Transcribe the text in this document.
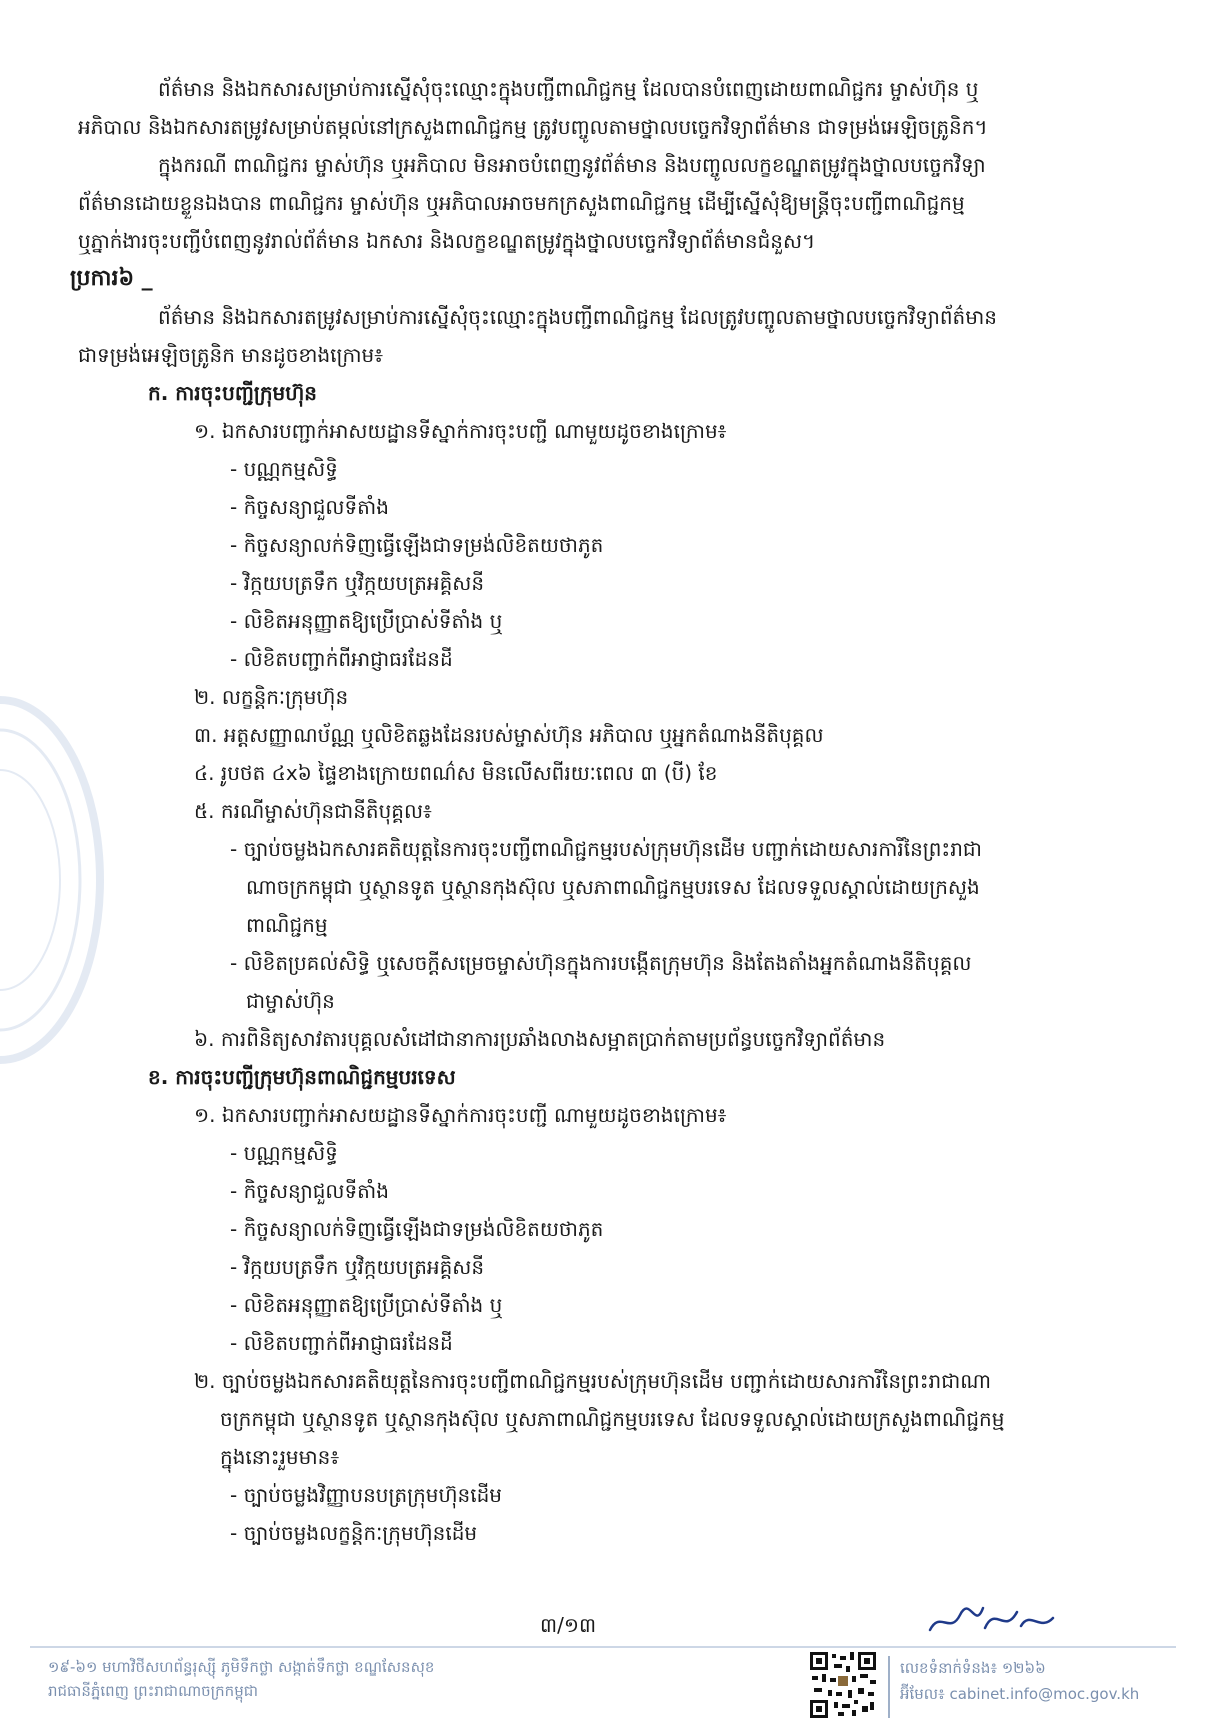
ព័ត៌មាន និងឯកសារសម្រាប់ការស្នើសុំចុះឈ្មោះក្នុងបញ្ជីពាណិជ្ជកម្ម ដែលបានបំពេញដោយពាណិជ្ជករ ម្ចាស់ហ៊ុន ឬ
អភិបាល និងឯកសារតម្រូវសម្រាប់តម្កល់នៅក្រសួងពាណិជ្ជកម្ម ត្រូវបញ្ចូលតាមថ្នាលបច្ចេកវិទ្យាព័ត៌មាន ជាទម្រង់អេឡិចត្រូនិក។
ក្នុងករណី ពាណិជ្ជករ ម្ចាស់ហ៊ុន ឬអភិបាល មិនអាចបំពេញនូវព័ត៌មាន និងបញ្ចូលលក្ខខណ្ឌតម្រូវក្នុងថ្នាលបច្ចេកវិទ្យា
ព័ត៌មានដោយខ្លួនឯងបាន ពាណិជ្ជករ ម្ចាស់ហ៊ុន ឬអភិបាលអាចមកក្រសួងពាណិជ្ជកម្ម ដើម្បីស្នើសុំឱ្យមន្ត្រីចុះបញ្ជីពាណិជ្ជកម្ម
ឬភ្នាក់ងារចុះបញ្ជីបំពេញនូវរាល់ព័ត៌មាន ឯកសារ និងលក្ខខណ្ឌតម្រូវក្នុងថ្នាលបច្ចេកវិទ្យាព័ត៌មានជំនួស។
ប្រការ៦ _
ព័ត៌មាន និងឯកសារតម្រូវសម្រាប់ការស្នើសុំចុះឈ្មោះក្នុងបញ្ជីពាណិជ្ជកម្ម ដែលត្រូវបញ្ចូលតាមថ្នាលបច្ចេកវិទ្យាព័ត៌មាន
ជាទម្រង់អេឡិចត្រូនិក មានដូចខាងក្រោម៖
ក. ការចុះបញ្ជីក្រុមហ៊ុន
១. ឯកសារបញ្ជាក់អាសយដ្ឋានទីស្នាក់ការចុះបញ្ជី ណាមួយដូចខាងក្រោម៖
- បណ្ណកម្មសិទ្ធិ
- កិច្ចសន្យាជួលទីតាំង
- កិច្ចសន្យាលក់ទិញធ្វើឡើងជាទម្រង់លិខិតយថាភូត
- វិក្កយបត្រទឹក ឬវិក្កយបត្រអគ្គិសនី
- លិខិតអនុញ្ញាតឱ្យប្រើប្រាស់ទីតាំង ឬ
- លិខិតបញ្ជាក់ពីអាជ្ញាធរដែនដី
២. លក្ខន្តិកៈក្រុមហ៊ុន
៣. អត្តសញ្ញាណប័ណ្ណ ឬលិខិតឆ្លងដែនរបស់ម្ចាស់ហ៊ុន អភិបាល ឬអ្នកតំណាងនីតិបុគ្គល
៤. រូបថត ៤x៦ ផ្ទៃខាងក្រោយពណ៌ស មិនលើសពីរយៈពេល ៣ (បី) ខែ
៥. ករណីម្ចាស់ហ៊ុនជានីតិបុគ្គល៖
- ច្បាប់ចម្លងឯកសារគតិយុត្តនៃការចុះបញ្ជីពាណិជ្ជកម្មរបស់ក្រុមហ៊ុនដើម បញ្ជាក់ដោយសារការីនៃព្រះរាជា
ណាចក្រកម្ពុជា ឬស្ថានទូត ឬស្ថានកុងស៊ុល ឬសភាពាណិជ្ជកម្មបរទេស ដែលទទួលស្គាល់ដោយក្រសួង
ពាណិជ្ជកម្ម
- លិខិតប្រគល់សិទ្ធិ ឬសេចក្តីសម្រេចម្ចាស់ហ៊ុនក្នុងការបង្កើតក្រុមហ៊ុន និងតែងតាំងអ្នកតំណាងនីតិបុគ្គល
ជាម្ចាស់ហ៊ុន
៦. ការពិនិត្យសាវតារបុគ្គលសំដៅជានាការប្រឆាំងលាងសម្អាតប្រាក់តាមប្រព័ន្ធបច្ចេកវិទ្យាព័ត៌មាន
ខ. ការចុះបញ្ជីក្រុមហ៊ុនពាណិជ្ជកម្មបរទេស
១. ឯកសារបញ្ជាក់អាសយដ្ឋានទីស្នាក់ការចុះបញ្ជី ណាមួយដូចខាងក្រោម៖
- បណ្ណកម្មសិទ្ធិ
- កិច្ចសន្យាជួលទីតាំង
- កិច្ចសន្យាលក់ទិញធ្វើឡើងជាទម្រង់លិខិតយថាភូត
- វិក្កយបត្រទឹក ឬវិក្កយបត្រអគ្គិសនី
- លិខិតអនុញ្ញាតឱ្យប្រើប្រាស់ទីតាំង ឬ
- លិខិតបញ្ជាក់ពីអាជ្ញាធរដែនដី
២. ច្បាប់ចម្លងឯកសារគតិយុត្តនៃការចុះបញ្ជីពាណិជ្ជកម្មរបស់ក្រុមហ៊ុនដើម បញ្ជាក់ដោយសារការីនៃព្រះរាជាណា
ចក្រកម្ពុជា ឬស្ថានទូត ឬស្ថានកុងស៊ុល ឬសភាពាណិជ្ជកម្មបរទេស ដែលទទួលស្គាល់ដោយក្រសួងពាណិជ្ជកម្ម
ក្នុងនោះរួមមាន៖
- ច្បាប់ចម្លងវិញ្ញាបនបត្រក្រុមហ៊ុនដើម
- ច្បាប់ចម្លងលក្ខន្តិកៈក្រុមហ៊ុនដើម
៣/១៣
១៩-៦១ មហាវិថីសហព័ន្ធរុស្ស៊ី ភូមិទឹកថ្លា សង្កាត់ទឹកថ្លា ខណ្ឌសែនសុខ
រាជធានីភ្នំពេញ ព្រះរាជាណាចក្រកម្ពុជា
លេខទំនាក់ទំនង៖ ១២៦៦
អ៊ីមែល៖ cabinet.info@moc.gov.kh
